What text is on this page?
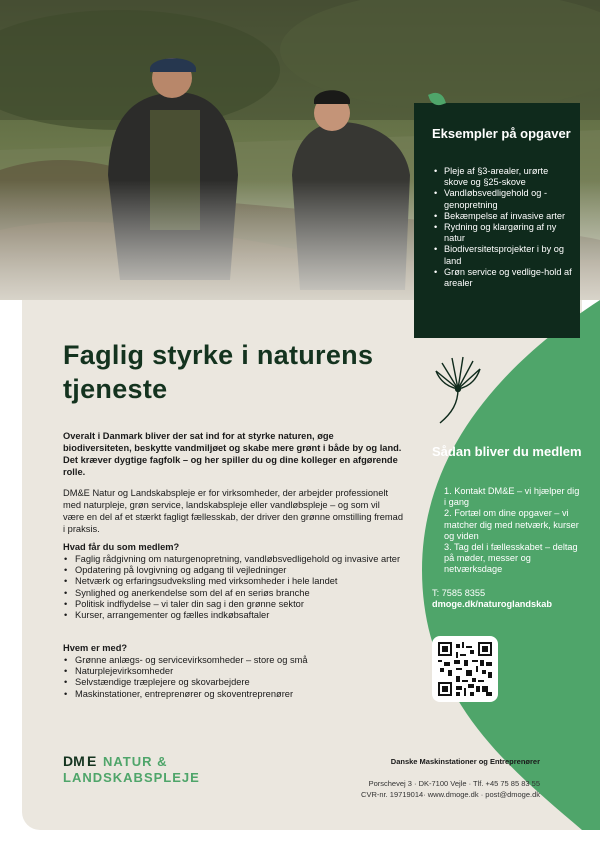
Eksempler på opgaver
• Pleje af §3-arealer, urørte skove og §25-skove
• Vandløbsvedligehold og -genopretning
• Bekæmpelse af invasive arter
• Rydning og klargøring af ny natur
• Biodiversitetsprojekter i by og land
• Grøn service og vedlige-hold af arealer
Faglig styrke i naturens tjeneste
Overalt i Danmark bliver der sat ind for at styrke naturen, øge biodiversiteten, beskytte vandmiljøet og skabe mere grønt i både by og land. Det kræver dygtige fagfolk – og her spiller du og dine kolleger en afgørende rolle.
DM&E Natur og Landskabspleje er for virksomheder, der arbejder professionelt med naturpleje, grøn service, landskabspleje eller vandløbspleje – og som vil være en del af et stærkt fagligt fællesskab, der driver den grønne omstilling fremad i praksis.
Hvad får du som medlem?
• Faglig rådgivning om naturgenopretning, vandløbsvedligehold og invasive arter
• Opdatering på lovgivning og adgang til vejledninger
• Netværk og erfaringsudveksling med virksomheder i hele landet
• Synlighed og anerkendelse som del af en seriøs branche
• Politisk indflydelse – vi taler din sag i den grønne sektor
• Kurser, arrangementer og fælles indkøbsaftaler
Hvem er med?
• Grønne anlægs- og servicevirksomheder – store og små
• Naturplejevirksomheder
• Selvstændige træplejere og skovarbejdere
• Maskinstationer, entreprenører og skoventreprenører
Sådan bliver du medlem
1. Kontakt DM&E – vi hjælper dig i gang
2. Fortæl om dine opgaver – vi matcher dig med netværk, kurser og viden
3. Tag del i fællesskabet – deltag på møder, messer og netværksdage
T: 7585 8355
dmoge.dk/naturoglandskab
DM E NATUR &
LANDSKABSPLEJE
Danske Maskinstationer og Entreprenører
Porschevej 3 · DK-7100 Vejle · Tlf. +45 75 85 83 55
CVR-nr. 19719014· www.dmoge.dk · post@dmoge.dk
